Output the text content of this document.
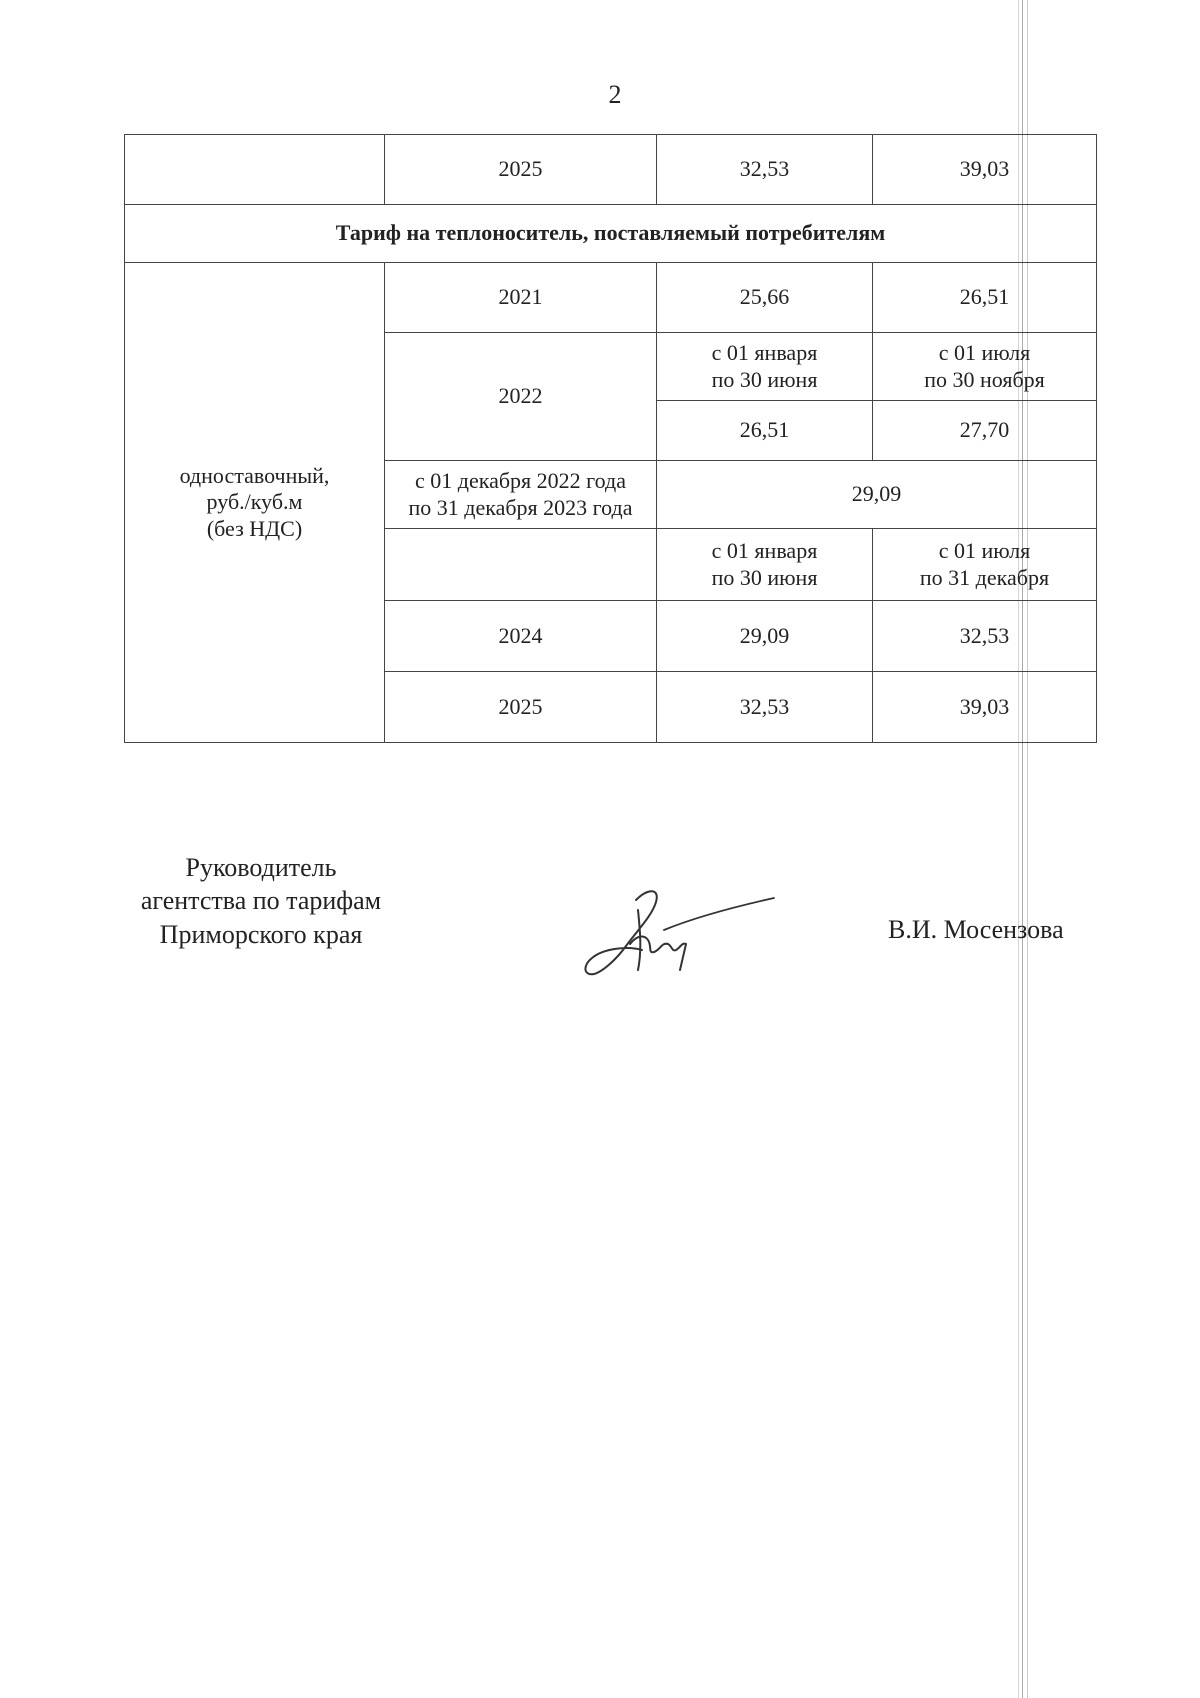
2
	2025	32,53	39,03
Тариф на теплоноситель, поставляемый потребителям			

одноставочный,
руб./куб.м
(без НДС)	2021	25,66	26,51
	2022	с 01 января
по 30 июня	с 01 июля
по 30 ноября

		26,51	27,70

	с 01 декабря 2022 года
по 31 декабря 2023 года	29,09	

		с 01 января
по 30 июня	с 01 июля
по 31 декабря

	2024	29,09	32,53
	2025	32,53	39,03
Руководитель
агентства по тарифам
Приморского края	В.И. Мосензова
